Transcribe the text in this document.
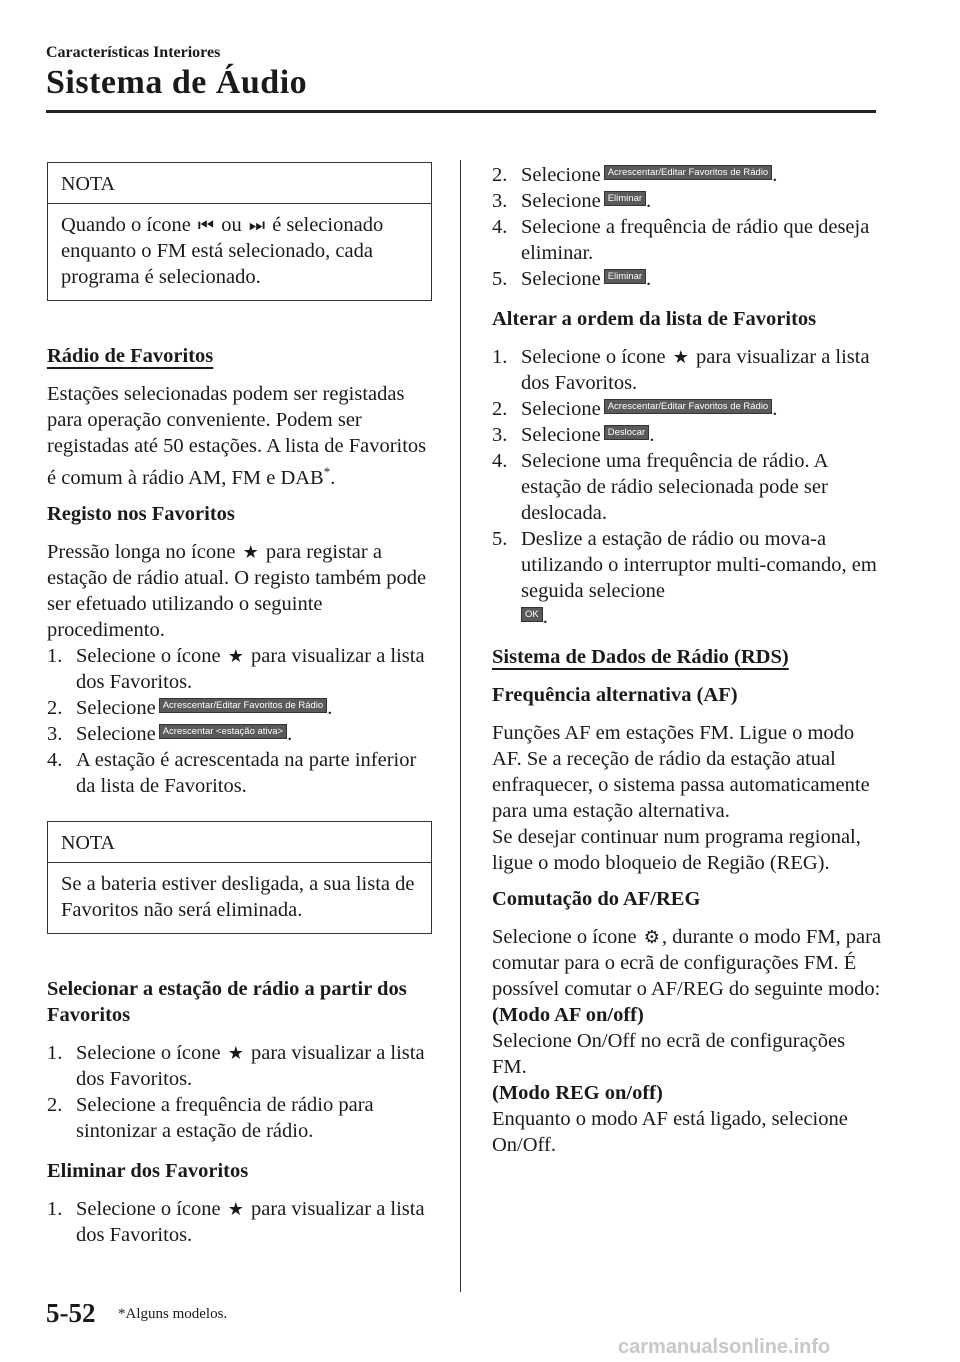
Características Interiores
Sistema de Áudio
NOTA
Quando o ícone ⏮ ou ⏭ é selecionado enquanto o FM está selecionado, cada programa é selecionado.
Rádio de Favoritos

Estações selecionadas podem ser registadas para operação conveniente. Podem ser registadas até 50 estações. A lista de Favoritos é comum à rádio AM, FM e DAB*.

Registo nos Favoritos

Pressão longa no ícone ★ para registar a estação de rádio atual. O registo também pode ser efetuado utilizando o seguinte procedimento.

1. Selecione o ícone ★ para visualizar a lista dos Favoritos.
2. Selecione Acrescentar/Editar Favoritos de Rádio .
3. Selecione Acrescentar <estação ativa> .
4. A estação é acrescentada na parte inferior da lista de Favoritos.
NOTA
Se a bateria estiver desligada, a sua lista de Favoritos não será eliminada.
Selecionar a estação de rádio a partir dos Favoritos
1. Selecione o ícone ★ para visualizar a lista dos Favoritos.
2. Selecione a frequência de rádio para sintonizar a estação de rádio.
Eliminar dos Favoritos
1. Selecione o ícone ★ para visualizar a lista dos Favoritos.
2. Selecione Acrescentar/Editar Favoritos de Rádio .
3. Selecione Eliminar .
4. Selecione a frequência de rádio que deseja eliminar.
5. Selecione Eliminar .
Alterar a ordem da lista de Favoritos
1. Selecione o ícone ★ para visualizar a lista dos Favoritos.
2. Selecione Acrescentar/Editar Favoritos de Rádio .
3. Selecione Deslocar .
4. Selecione uma frequência de rádio. A estação de rádio selecionada pode ser deslocada.
5. Deslize a estação de rádio ou mova-a utilizando o interruptor multi-comando, em seguida selecione
OK .
Sistema de Dados de Rádio (RDS)
Frequência alternativa (AF)

Funções AF em estações FM. Ligue o modo AF. Se a receção de rádio da estação atual enfraquecer, o sistema passa automaticamente para uma estação alternativa.

Se desejar continuar num programa regional, ligue o modo bloqueio de Região (REG).

Comutação do AF/REG

Selecione o ícone ⚙, durante o modo FM, para comutar para o ecrã de configurações FM. É possível comutar o AF/REG do seguinte modo:

(Modo AF on/off)
Selecione On/Off no ecrã de configurações FM.
(Modo REG on/off)
Enquanto o modo AF está ligado, selecione On/Off.
5-52 *Alguns modelos.
carmanualsonline.info
